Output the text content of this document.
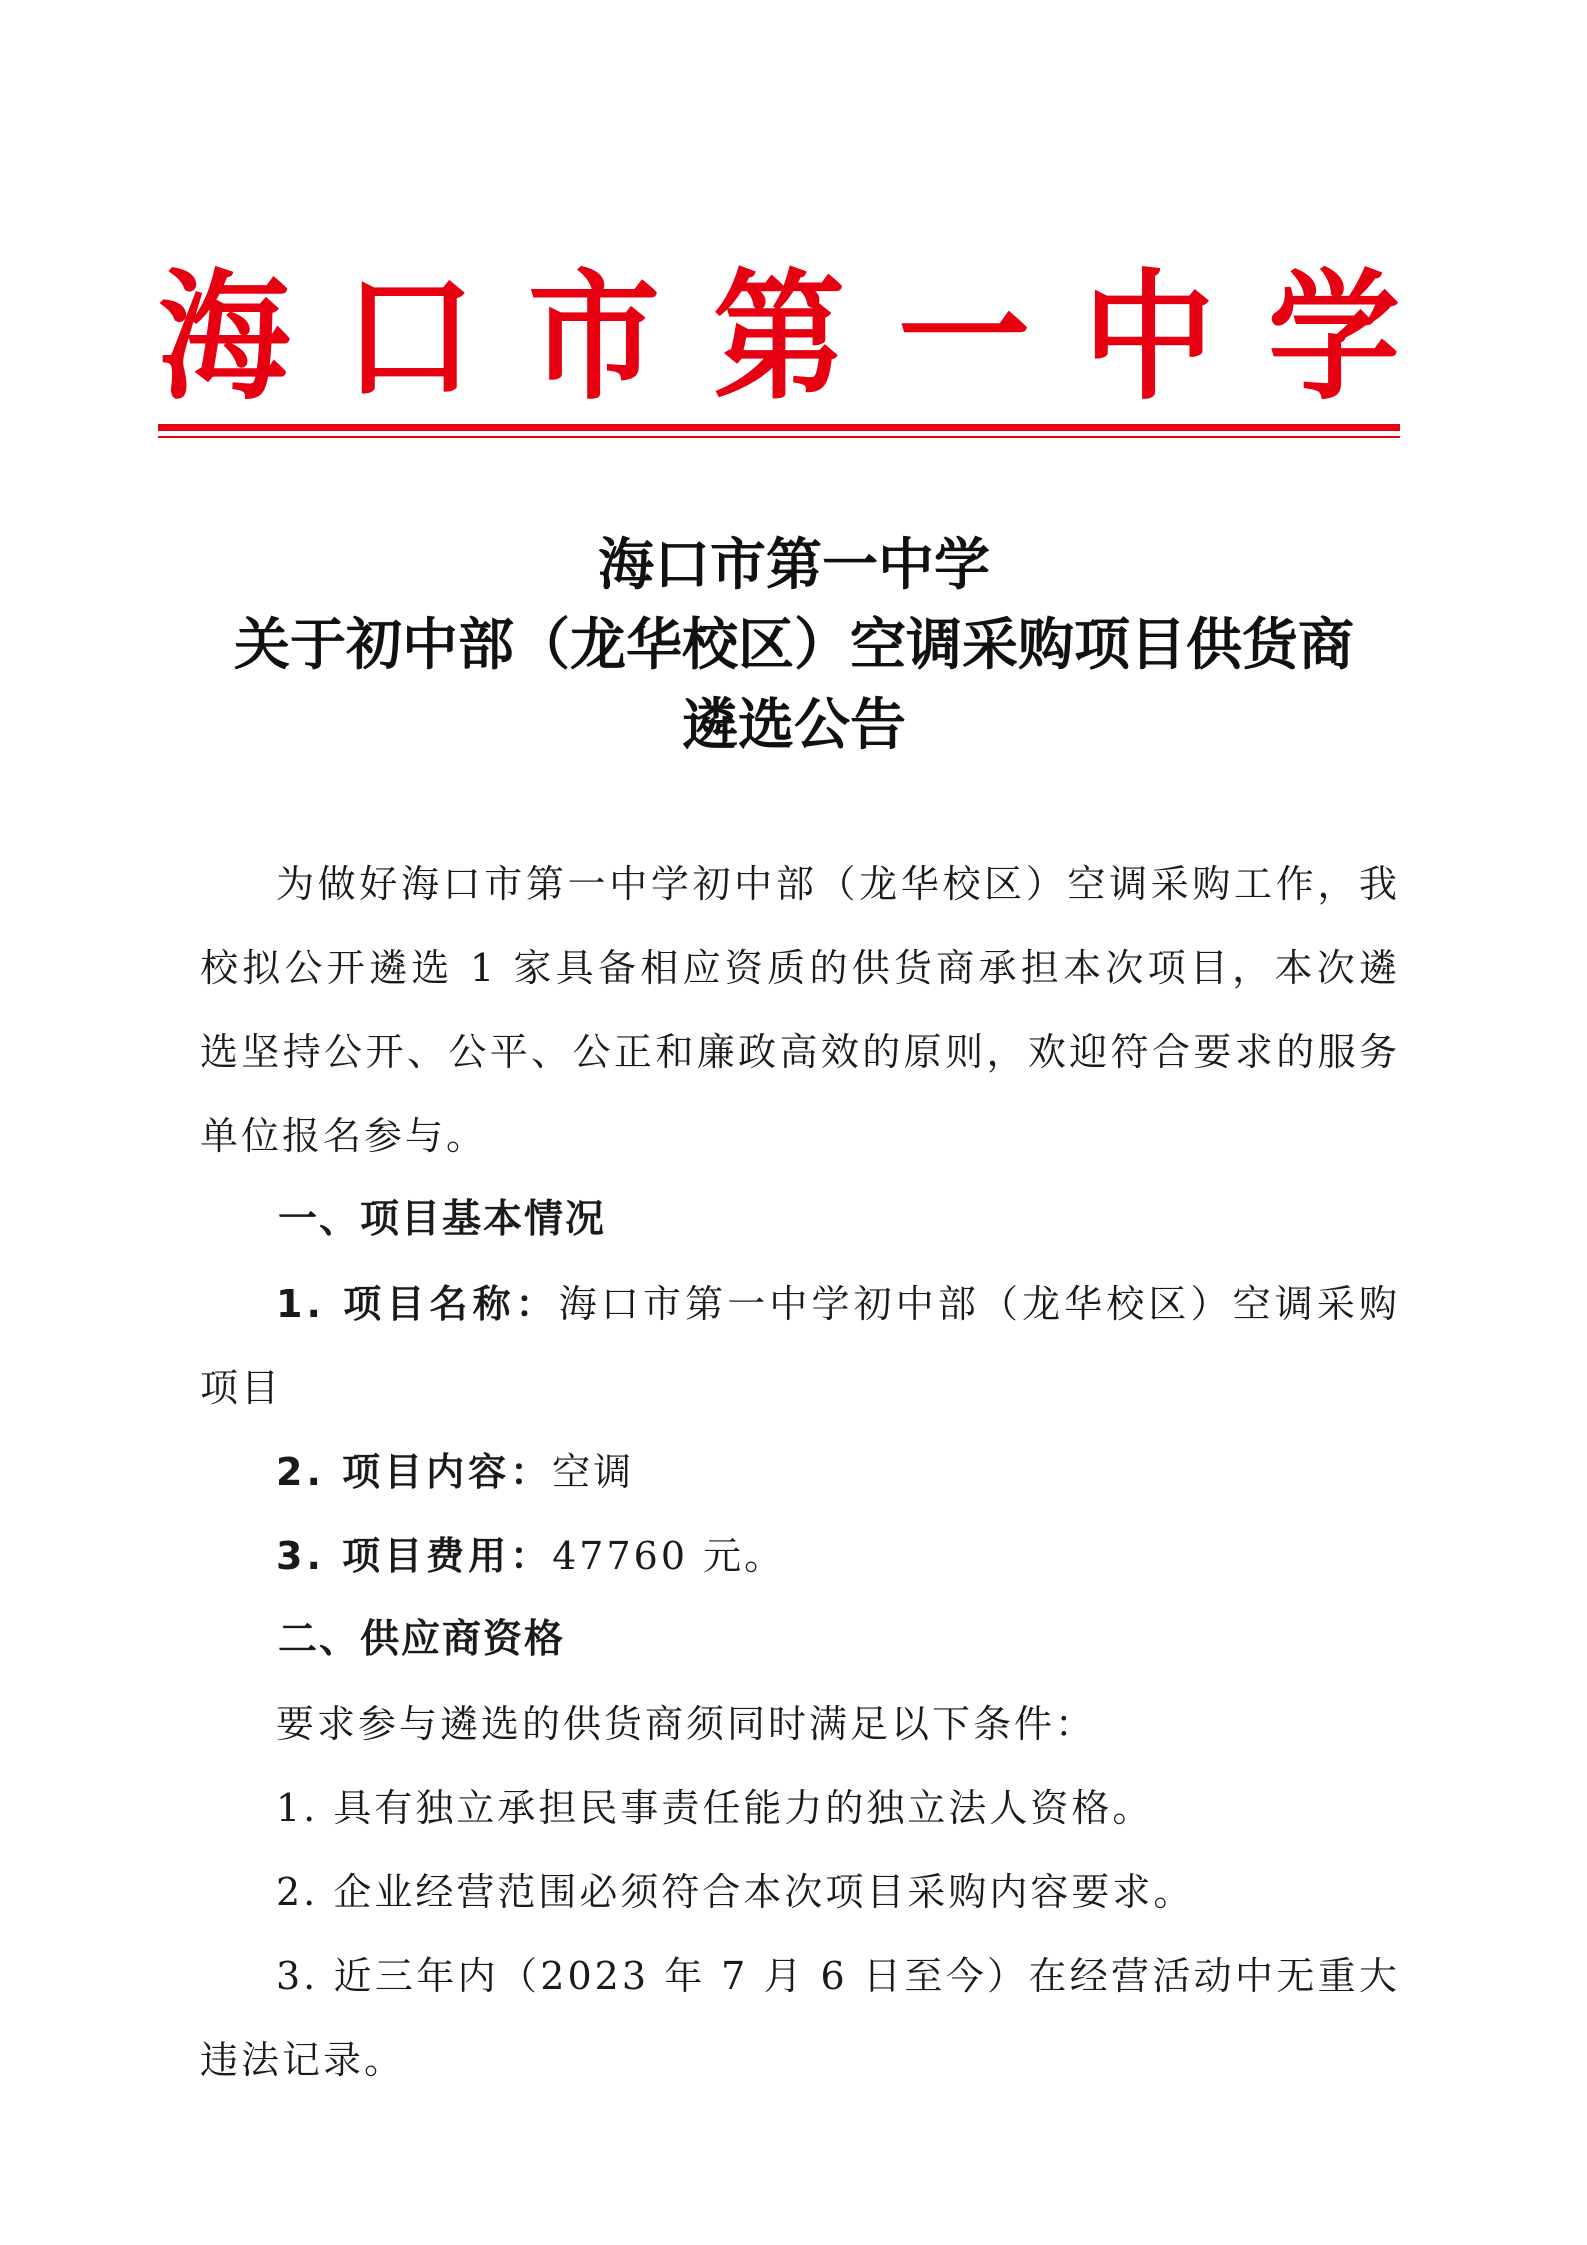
海 口 市 第 一 中 学
海口市第一中学
关于初中部（龙华校区）空调采购项目供货商
遴选公告

为做好海口市第一中学初中部（龙华校区）空调采购工作，我校拟公开遴选 1 家具备相应资质的供货商承担本次项目，本次遴选坚持公开、公平、公正和廉政高效的原则，欢迎符合要求的服务单位报名参与。

一、项目基本情况

1. 项目名称：海口市第一中学初中部（龙华校区）空调采购项目

2. 项目内容：空调

3. 项目费用：47760 元。

二、供应商资格

要求参与遴选的供货商须同时满足以下条件：

1. 具有独立承担民事责任能力的独立法人资格。

2. 企业经营范围必须符合本次项目采购内容要求。

3. 近三年内（2023 年 7 月 6 日至今）在经营活动中无重大违法记录。
